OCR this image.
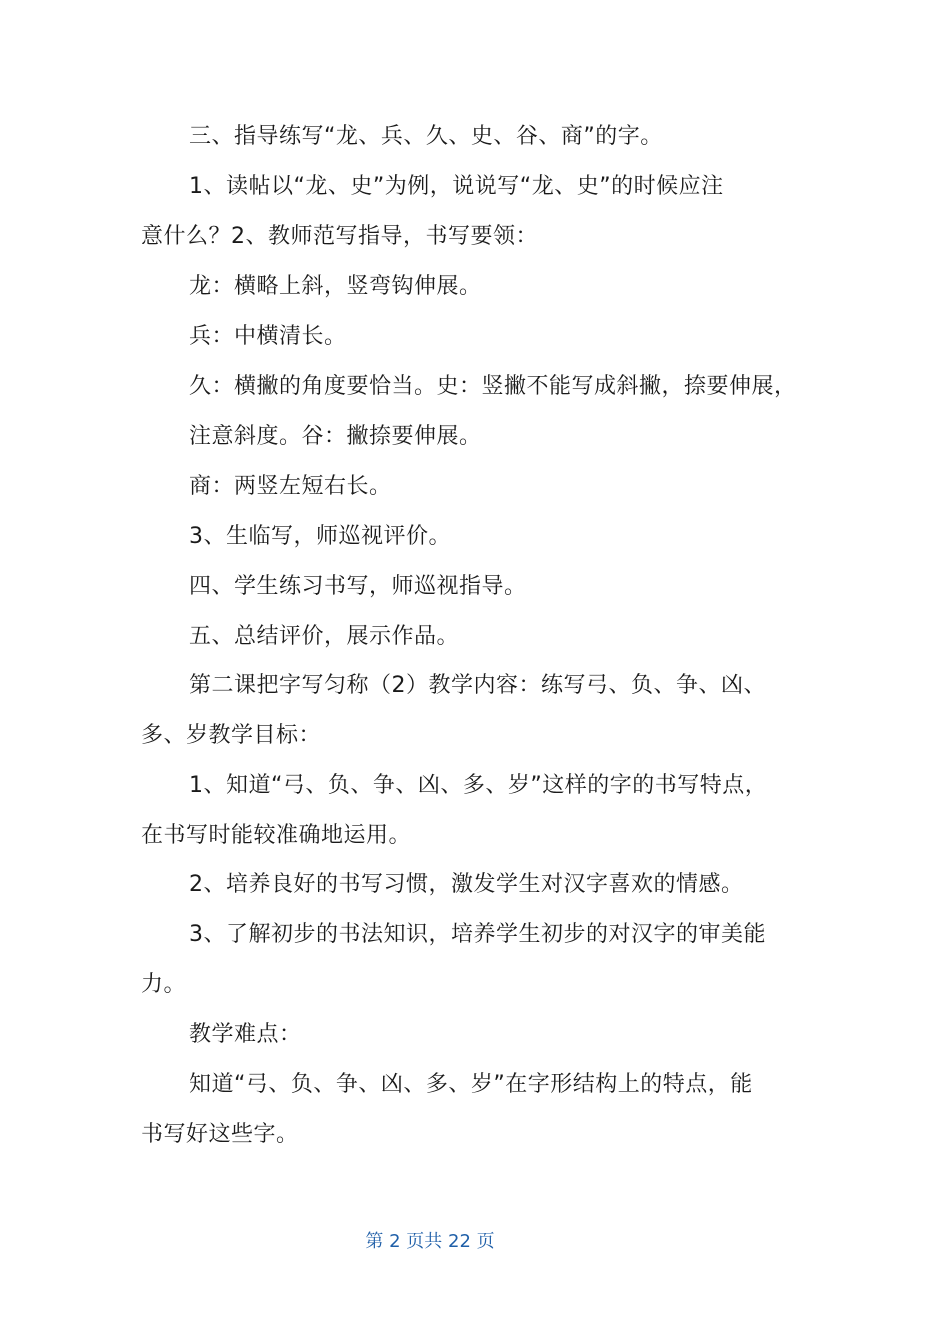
三、指导练写“龙、兵、久、史、谷、商”的字。
1、读帖以“龙、史”为例，说说写“龙、史”的时候应注
意什么？2、教师范写指导，书写要领：
龙：横略上斜，竖弯钩伸展。
兵：中横清长。
久：横撇的角度要恰当。史：竖撇不能写成斜撇，捺要伸展，
注意斜度。谷：撇捺要伸展。
商：两竖左短右长。
3、生临写，师巡视评价。
四、学生练习书写，师巡视指导。
五、总结评价，展示作品。
第二课把字写匀称（2）教学内容：练写弓、负、争、凶、
多、岁教学目标：
1、知道“弓、负、争、凶、多、岁”这样的字的书写特点，
在书写时能较准确地运用。
2、培养良好的书写习惯，激发学生对汉字喜欢的情感。
3、了解初步的书法知识，培养学生初步的对汉字的审美能
力。
教学难点：
知道“弓、负、争、凶、多、岁”在字形结构上的特点，能
书写好这些字。
第 2 页共 22 页
